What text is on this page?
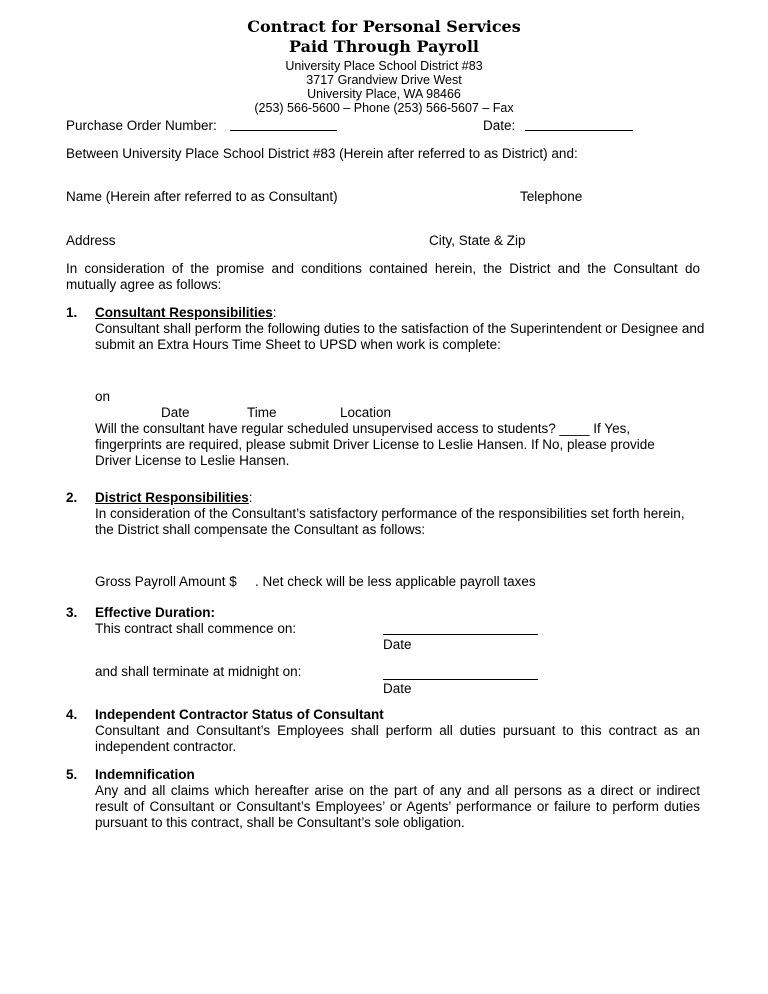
Contract for Personal Services
Paid Through Payroll
University Place School District #83
3717 Grandview Drive West
University Place, WA 98466
(253) 566-5600 – Phone (253) 566-5607 – Fax
Purchase Order Number:	Date:
Between University Place School District #83 (Herein after referred to as District) and:
Name (Herein after referred to as Consultant)	Telephone
Address	City, State & Zip
In consideration of the promise and conditions contained herein, the District and the Consultant do mutually agree as follows:
1. Consultant Responsibilities:
Consultant shall perform the following duties to the satisfaction of the Superintendent or Designee and submit an Extra Hours Time Sheet to UPSD when work is complete:
on
Date	Time	Location
Will the consultant have regular scheduled unsupervised access to students? ____ If Yes,
fingerprints are required, please submit Driver License to Leslie Hansen. If No, please provide
Driver License to Leslie Hansen.
2. District Responsibilities:
In consideration of the Consultant’s satisfactory performance of the responsibilities set forth herein, the District shall compensate the Consultant as follows:
Gross Payroll Amount $ . Net check will be less applicable payroll taxes
3. Effective Duration:
This contract shall commence on:
Date
and shall terminate at midnight on:
Date
4. Independent Contractor Status of Consultant
Consultant and Consultant’s Employees shall perform all duties pursuant to this contract as an independent contractor.
5. Indemnification
Any and all claims which hereafter arise on the part of any and all persons as a direct or indirect result of Consultant or Consultant’s Employees’ or Agents’ performance or failure to perform duties pursuant to this contract, shall be Consultant’s sole obligation.
